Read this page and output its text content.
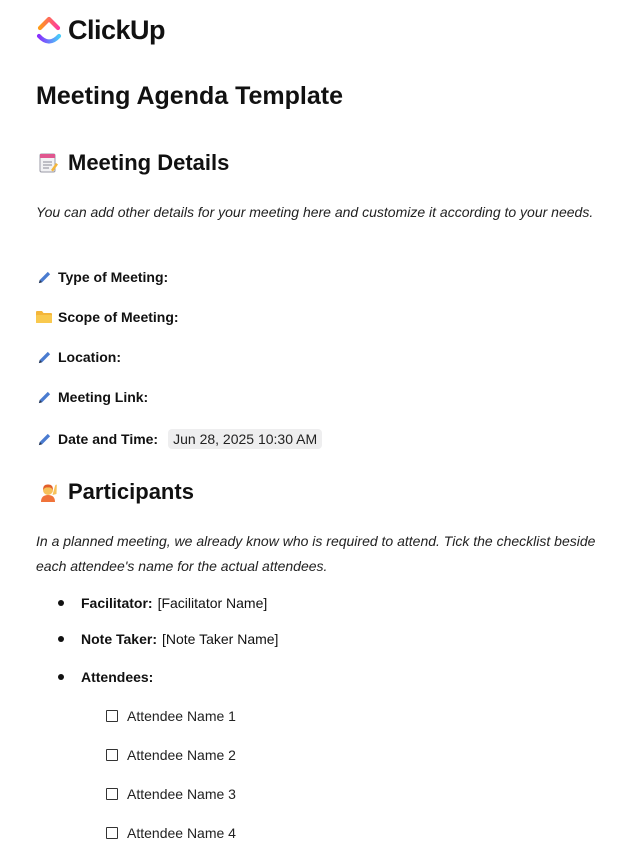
ClickUp
Meeting Agenda Template
Meeting Details

You can add other details for your meeting here and customize it according to your needs.

Type of Meeting:
Scope of Meeting:
Location:
Meeting Link:
Date and Time:	Jun 28, 2025 10:30 AM
Participants

In a planned meeting, we already know who is required to attend. Tick the checklist beside each attendee's name for the actual attendees.

Facilitator: [Facilitator Name]
Note Taker: [Note Taker Name]
Attendees:
Attendee Name 1
Attendee Name 2
Attendee Name 3
Attendee Name 4
